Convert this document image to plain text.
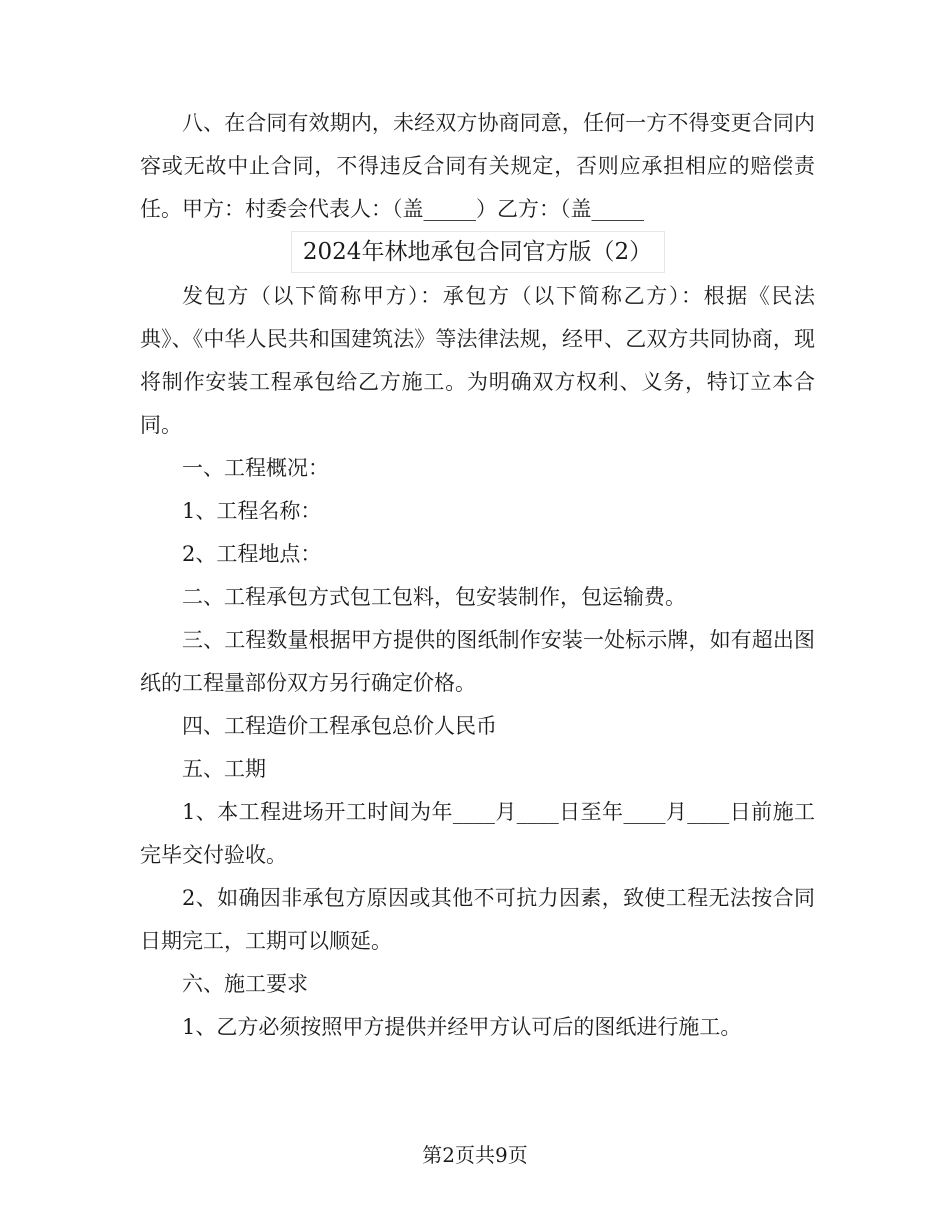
八、在合同有效期内，未经双方协商同意，任何一方不得变更合同内容或无故中止合同，不得违反合同有关规定，否则应承担相应的赔偿责任。甲方：村委会代表人：（盖_____）乙方：（盖_____

2024年林地承包合同官方版（2）

发包方（以下简称甲方）：承包方（以下简称乙方）：根据《民法典》、《中华人民共和国建筑法》等法律法规，经甲、乙双方共同协商，现将制作安装工程承包给乙方施工。为明确双方权利、义务，特订立本合同。

一、工程概况：

1、工程名称：

2、工程地点：

二、工程承包方式包工包料，包安装制作，包运输费。

三、工程数量根据甲方提供的图纸制作安装一处标示牌，如有超出图纸的工程量部份双方另行确定价格。

四、工程造价工程承包总价人民币

五、工期

1、本工程进场开工时间为年____月____日至年____月____日前施工完毕交付验收。

2、如确因非承包方原因或其他不可抗力因素，致使工程无法按合同日期完工，工期可以顺延。

六、施工要求

1、乙方必须按照甲方提供并经甲方认可后的图纸进行施工。

第2页共9页
